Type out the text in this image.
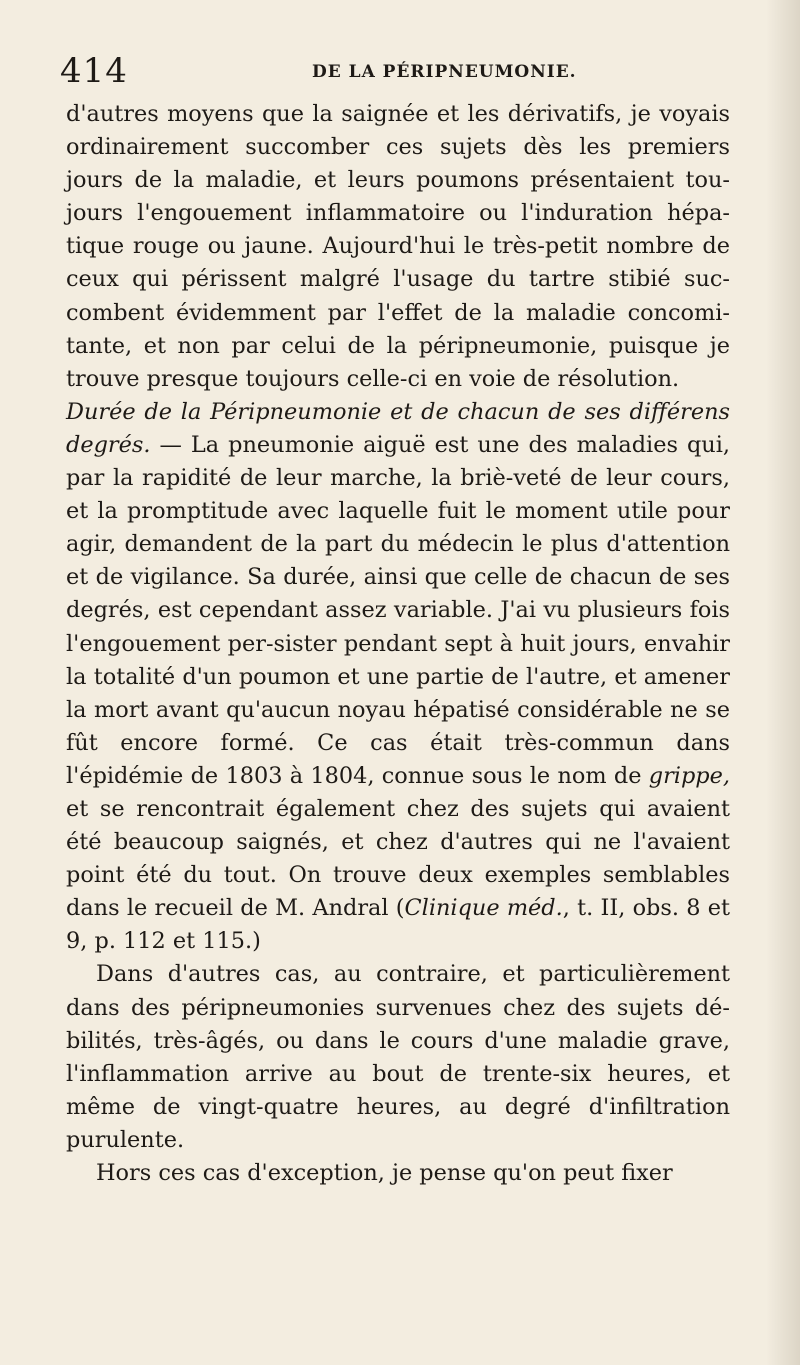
414	DE LA PÉRIPNEUMONIE.

d'autres moyens que la saignée et les dérivatifs, je voyais ordinairement succomber ces sujets dès les premiers jours de la maladie, et leurs poumons présentaient tou-jours l'engouement inflammatoire ou l'induration hépa-tique rouge ou jaune. Aujourd'hui le très-petit nombre de ceux qui périssent malgré l'usage du tartre stibié suc-combent évidemment par l'effet de la maladie concomi-tante, et non par celui de la péripneumonie, puisque je trouve presque toujours celle-ci en voie de résolution.

Durée de la Péripneumonie et de chacun de ses différens degrés. — La pneumonie aiguë est une des maladies qui, par la rapidité de leur marche, la briè-veté de leur cours, et la promptitude avec laquelle fuit le moment utile pour agir, demandent de la part du médecin le plus d'attention et de vigilance. Sa durée, ainsi que celle de chacun de ses degrés, est cependant assez variable. J'ai vu plusieurs fois l'engouement per-sister pendant sept à huit jours, envahir la totalité d'un poumon et une partie de l'autre, et amener la mort avant qu'aucun noyau hépatisé considérable ne se fût encore formé. Ce cas était très-commun dans l'épidémie de 1803 à 1804, connue sous le nom de grippe, et se rencontrait également chez des sujets qui avaient été beaucoup saignés, et chez d'autres qui ne l'avaient point été du tout. On trouve deux exemples semblables dans le recueil de M. Andral (Clinique méd., t. II, obs. 8 et 9, p. 112 et 115.)

Dans d'autres cas, au contraire, et particulièrement dans des péripneumonies survenues chez des sujets dé-bilités, très-âgés, ou dans le cours d'une maladie grave, l'inflammation arrive au bout de trente-six heures, et même de vingt-quatre heures, au degré d'infiltration purulente.

Hors ces cas d'exception, je pense qu'on peut fixer
